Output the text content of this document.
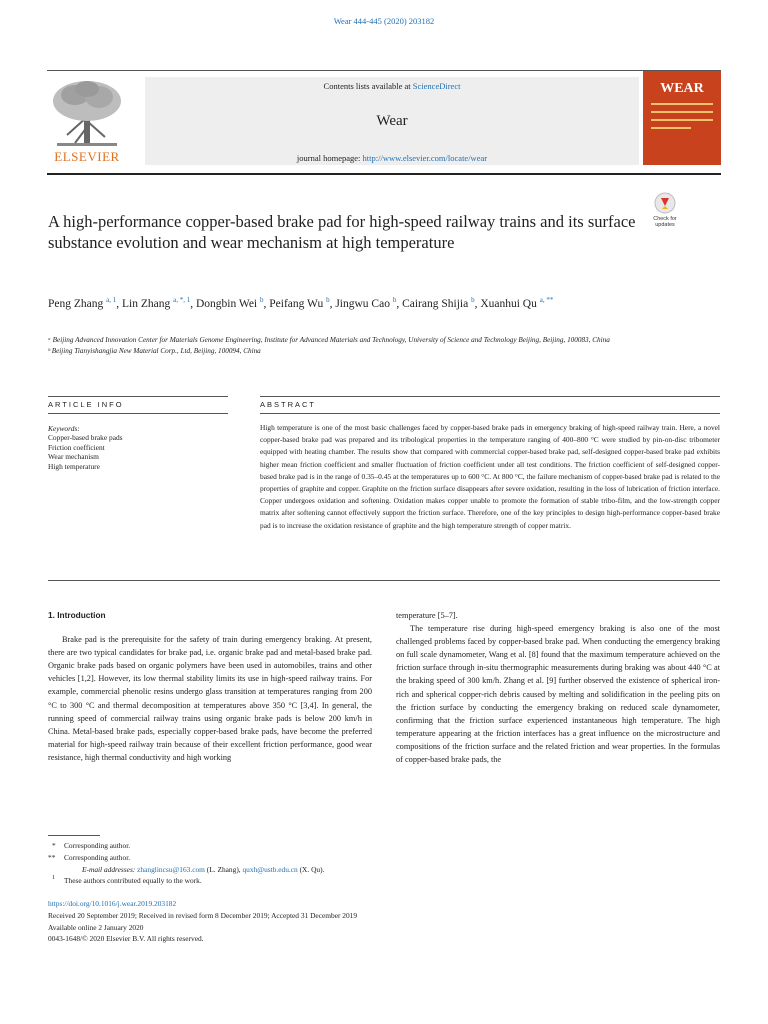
Wear 444-445 (2020) 203182
ELSEVIER
Contents lists available at ScienceDirect
Wear
journal homepage: http://www.elsevier.com/locate/wear
WEAR
A high-performance copper-based brake pad for high-speed railway trains and its surface substance evolution and wear mechanism at high temperature
Check for
updates
Peng Zhang $^{a, 1}$, Lin Zhang $^{a, *, 1}$, Dongbin Wei $^b$, Peifang Wu $^b$, Jingwu Cao $^b$, Cairang Shijia $^b$, Xuanhui Qu $^{a, **}$
ᵃ Beijing Advanced Innovation Center for Materials Genome Engineering, Institute for Advanced Materials and Technology, University of Science and Technology Beijing, Beijing, 100083, China
ᵇ Beijing Tianyishangjia New Material Corp., Ltd, Beijing, 100094, China
ARTICLE INFO	ABSTRACT
Keywords:
Copper-based brake pads
Friction coefficient
Wear mechanism
High temperature
High temperature is one of the most basic challenges faced by copper-based brake pads in emergency braking of high-speed railway train. Here, a novel copper-based brake pad was prepared and its tribological properties in the temperature ranging of 400–800 °C were studied by pin-on-disc tribometer equipped with heating chamber. The results show that compared with commercial copper-based brake pad, self-designed copper-based brake pad exhibits higher mean friction coefficient and smaller fluctuation of friction coefficient under all test conditions. The friction coefficient of self-designed copper-based brake pad is in the range of 0.35–0.45 at the temperatures up to 600 °C. At 800 °C, the failure mechanism of copper-based brake pad is related to the properties of graphite and copper. Graphite on the friction surface disappears after severe oxidation, resulting in the loss of lubrication of friction interface. Copper undergoes oxidation and softening. Oxidation makes copper unable to promote the formation of stable tribo-film, and the low-strength copper matrix after softening cannot effectively support the friction surface. Therefore, one of the key principles to design high-performance copper-based brake pad is to increase the oxidation resistance of graphite and the high temperature strength of copper matrix.
1. Introduction

Brake pad is the prerequisite for the safety of train during emergency braking. At present, there are two typical candidates for brake pad, i.e. organic brake pad and metal-based brake pad. Organic brake pads based on organic polymers have been used in automobiles, trains and other vehicles [1,2]. However, its low thermal stability limits its use in high-speed railway trains. For example, commercial phenolic resins undergo glass transition at temperatures ranging from 200 °C to 300 °C and thermal decomposition at temperatures above 350 °C [3,4]. In general, the running speed of commercial railway trains using organic brake pads is below 200 km/h in China. Metal-based brake pads, especially copper-based brake pads, have become the preferred material for high-speed railway train because of their excellent friction performance, good wear resistance, high thermal conductivity and high working

temperature [5–7].

The temperature rise during high-speed emergency braking is also one of the most challenged problems faced by copper-based brake pad. When conducting the emergency braking on full scale dynamometer, Wang et al. [8] found that the maximum temperature achieved on the friction surface through in-situ thermographic measurements during braking was about 440 °C at the braking speed of 300 km/h. Zhang et al. [9] further observed the existence of spherical iron-rich and spherical copper-rich debris caused by melting and solidification in the peeling pits on the friction surface by conducting the emergency braking on reduced scale dynamometer, confirming that the friction surface experienced instantaneous high temperature. The high temperature appearing at the friction interfaces has a great influence on the microstructure and compositions of the friction surface and the related friction and wear properties. In the formulas of copper-based brake pads, the

* Corresponding author.
** Corresponding author.
E-mail addresses: zhanglincsu@163.com (L. Zhang), quxh@ustb.edu.cn (X. Qu).
1 These authors contributed equally to the work.
https://doi.org/10.1016/j.wear.2019.203182
Received 20 September 2019; Received in revised form 8 December 2019; Accepted 31 December 2019
Available online 2 January 2020
0043-1648/© 2020 Elsevier B.V. All rights reserved.
